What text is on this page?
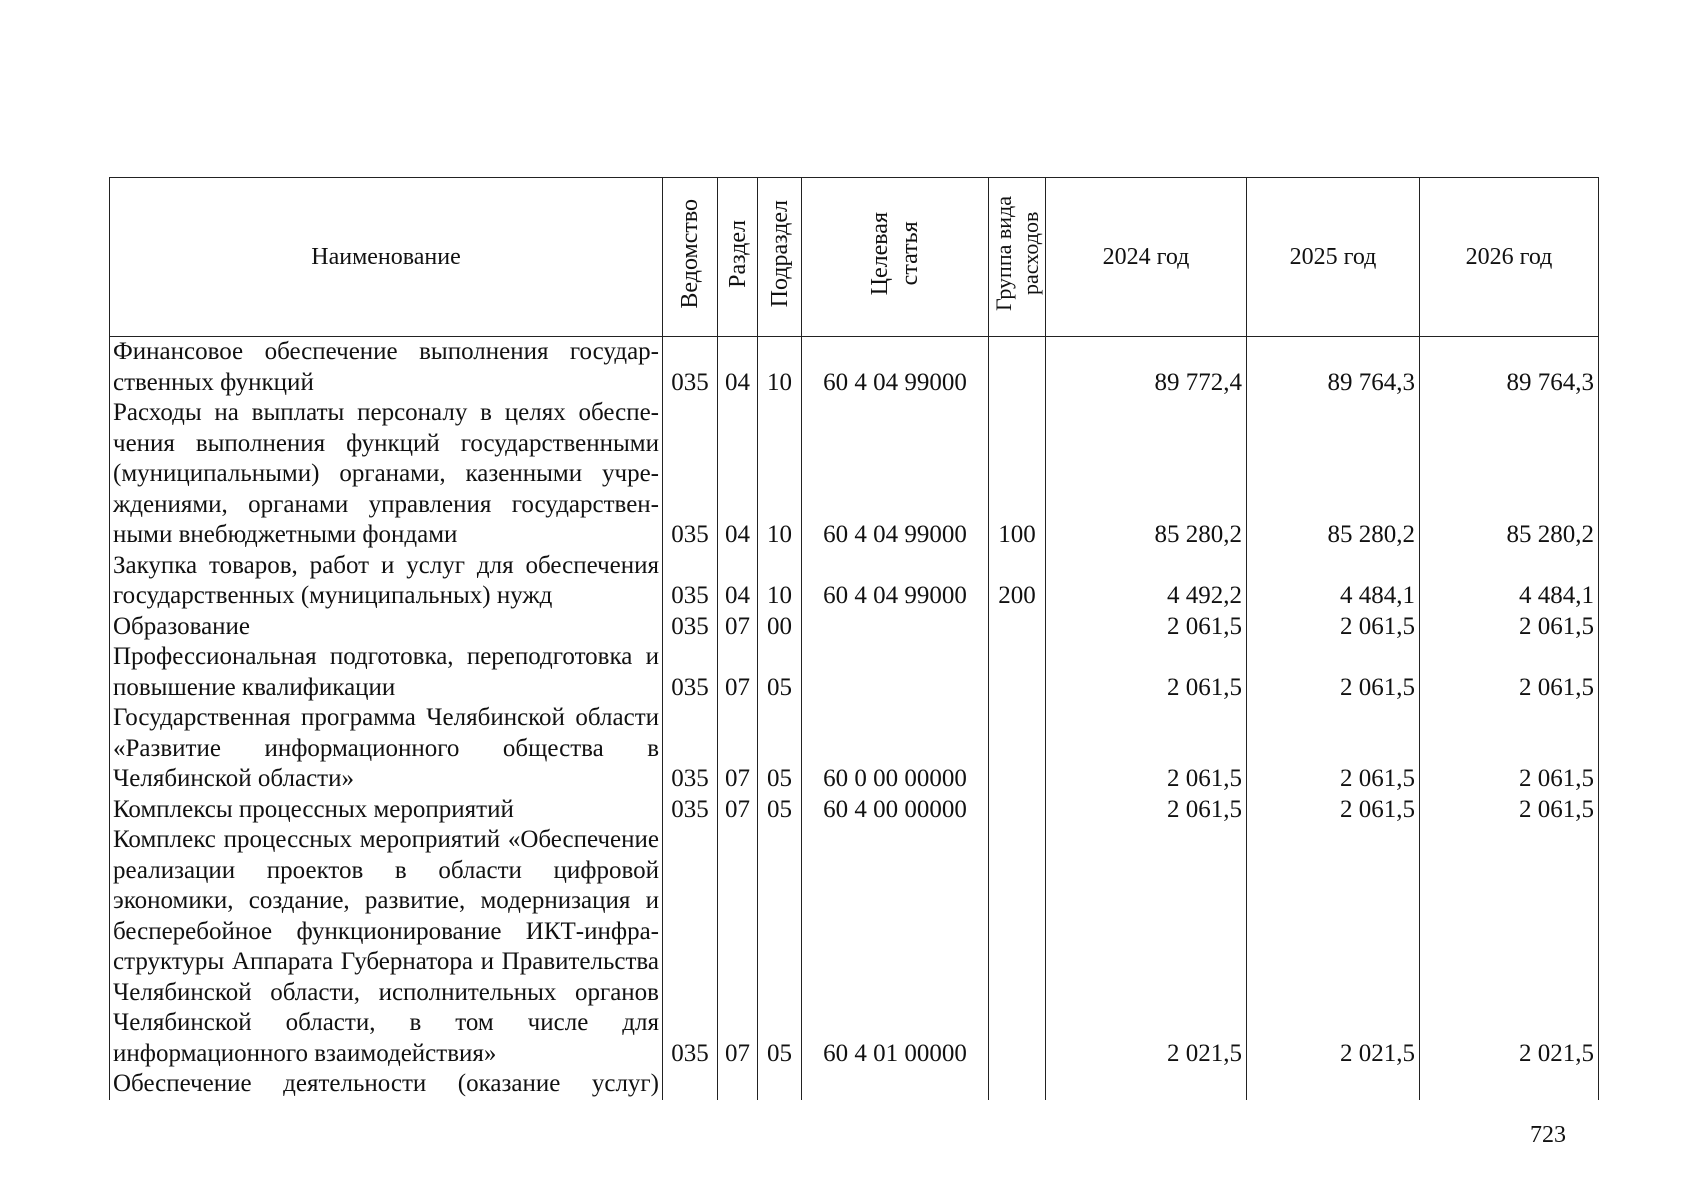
Наименование	Ведомство	Раздел	Подраздел	Целевая статья	Группа вида расходов	2024 год	2025 год	2026 год
Финансовое обеспечение выполнения государственных функций	035	04	10	60 4 04 99000		89 772,4	89 764,3	89 764,3
Расходы на выплаты персоналу в целях обеспечения выполнения функций государственными (муниципальными) органами, казенными учреждениями, органами управления государственными внебюджетными фондами	035	04	10	60 4 04 99000	100	85 280,2	85 280,2	85 280,2
Закупка товаров, работ и услуг для обеспечения государственных (муниципальных) нужд	035	04	10	60 4 04 99000	200	4 492,2	4 484,1	4 484,1
Образование	035	07	00			2 061,5	2 061,5	2 061,5
Профессиональная подготовка, переподготовка и повышение квалификации	035	07	05			2 061,5	2 061,5	2 061,5
Государственная программа Челябинской области «Развитие информационного общества в Челябинской области»	035	07	05	60 0 00 00000		2 061,5	2 061,5	2 061,5
Комплексы процессных мероприятий	035	07	05	60 4 00 00000		2 061,5	2 061,5	2 061,5
Комплекс процессных мероприятий «Обеспечение реализации проектов в области цифровой экономики, создание, развитие, модернизация и бесперебойное функционирование ИКТ-инфраструктуры Аппарата Губернатора и Правительства Челябинской области, исполнительных органов Челябинской области, в том числе для информационного взаимодействия»	035	07	05	60 4 01 00000		2 021,5	2 021,5	2 021,5
Обеспечение деятельности (оказание услуг)								
723
